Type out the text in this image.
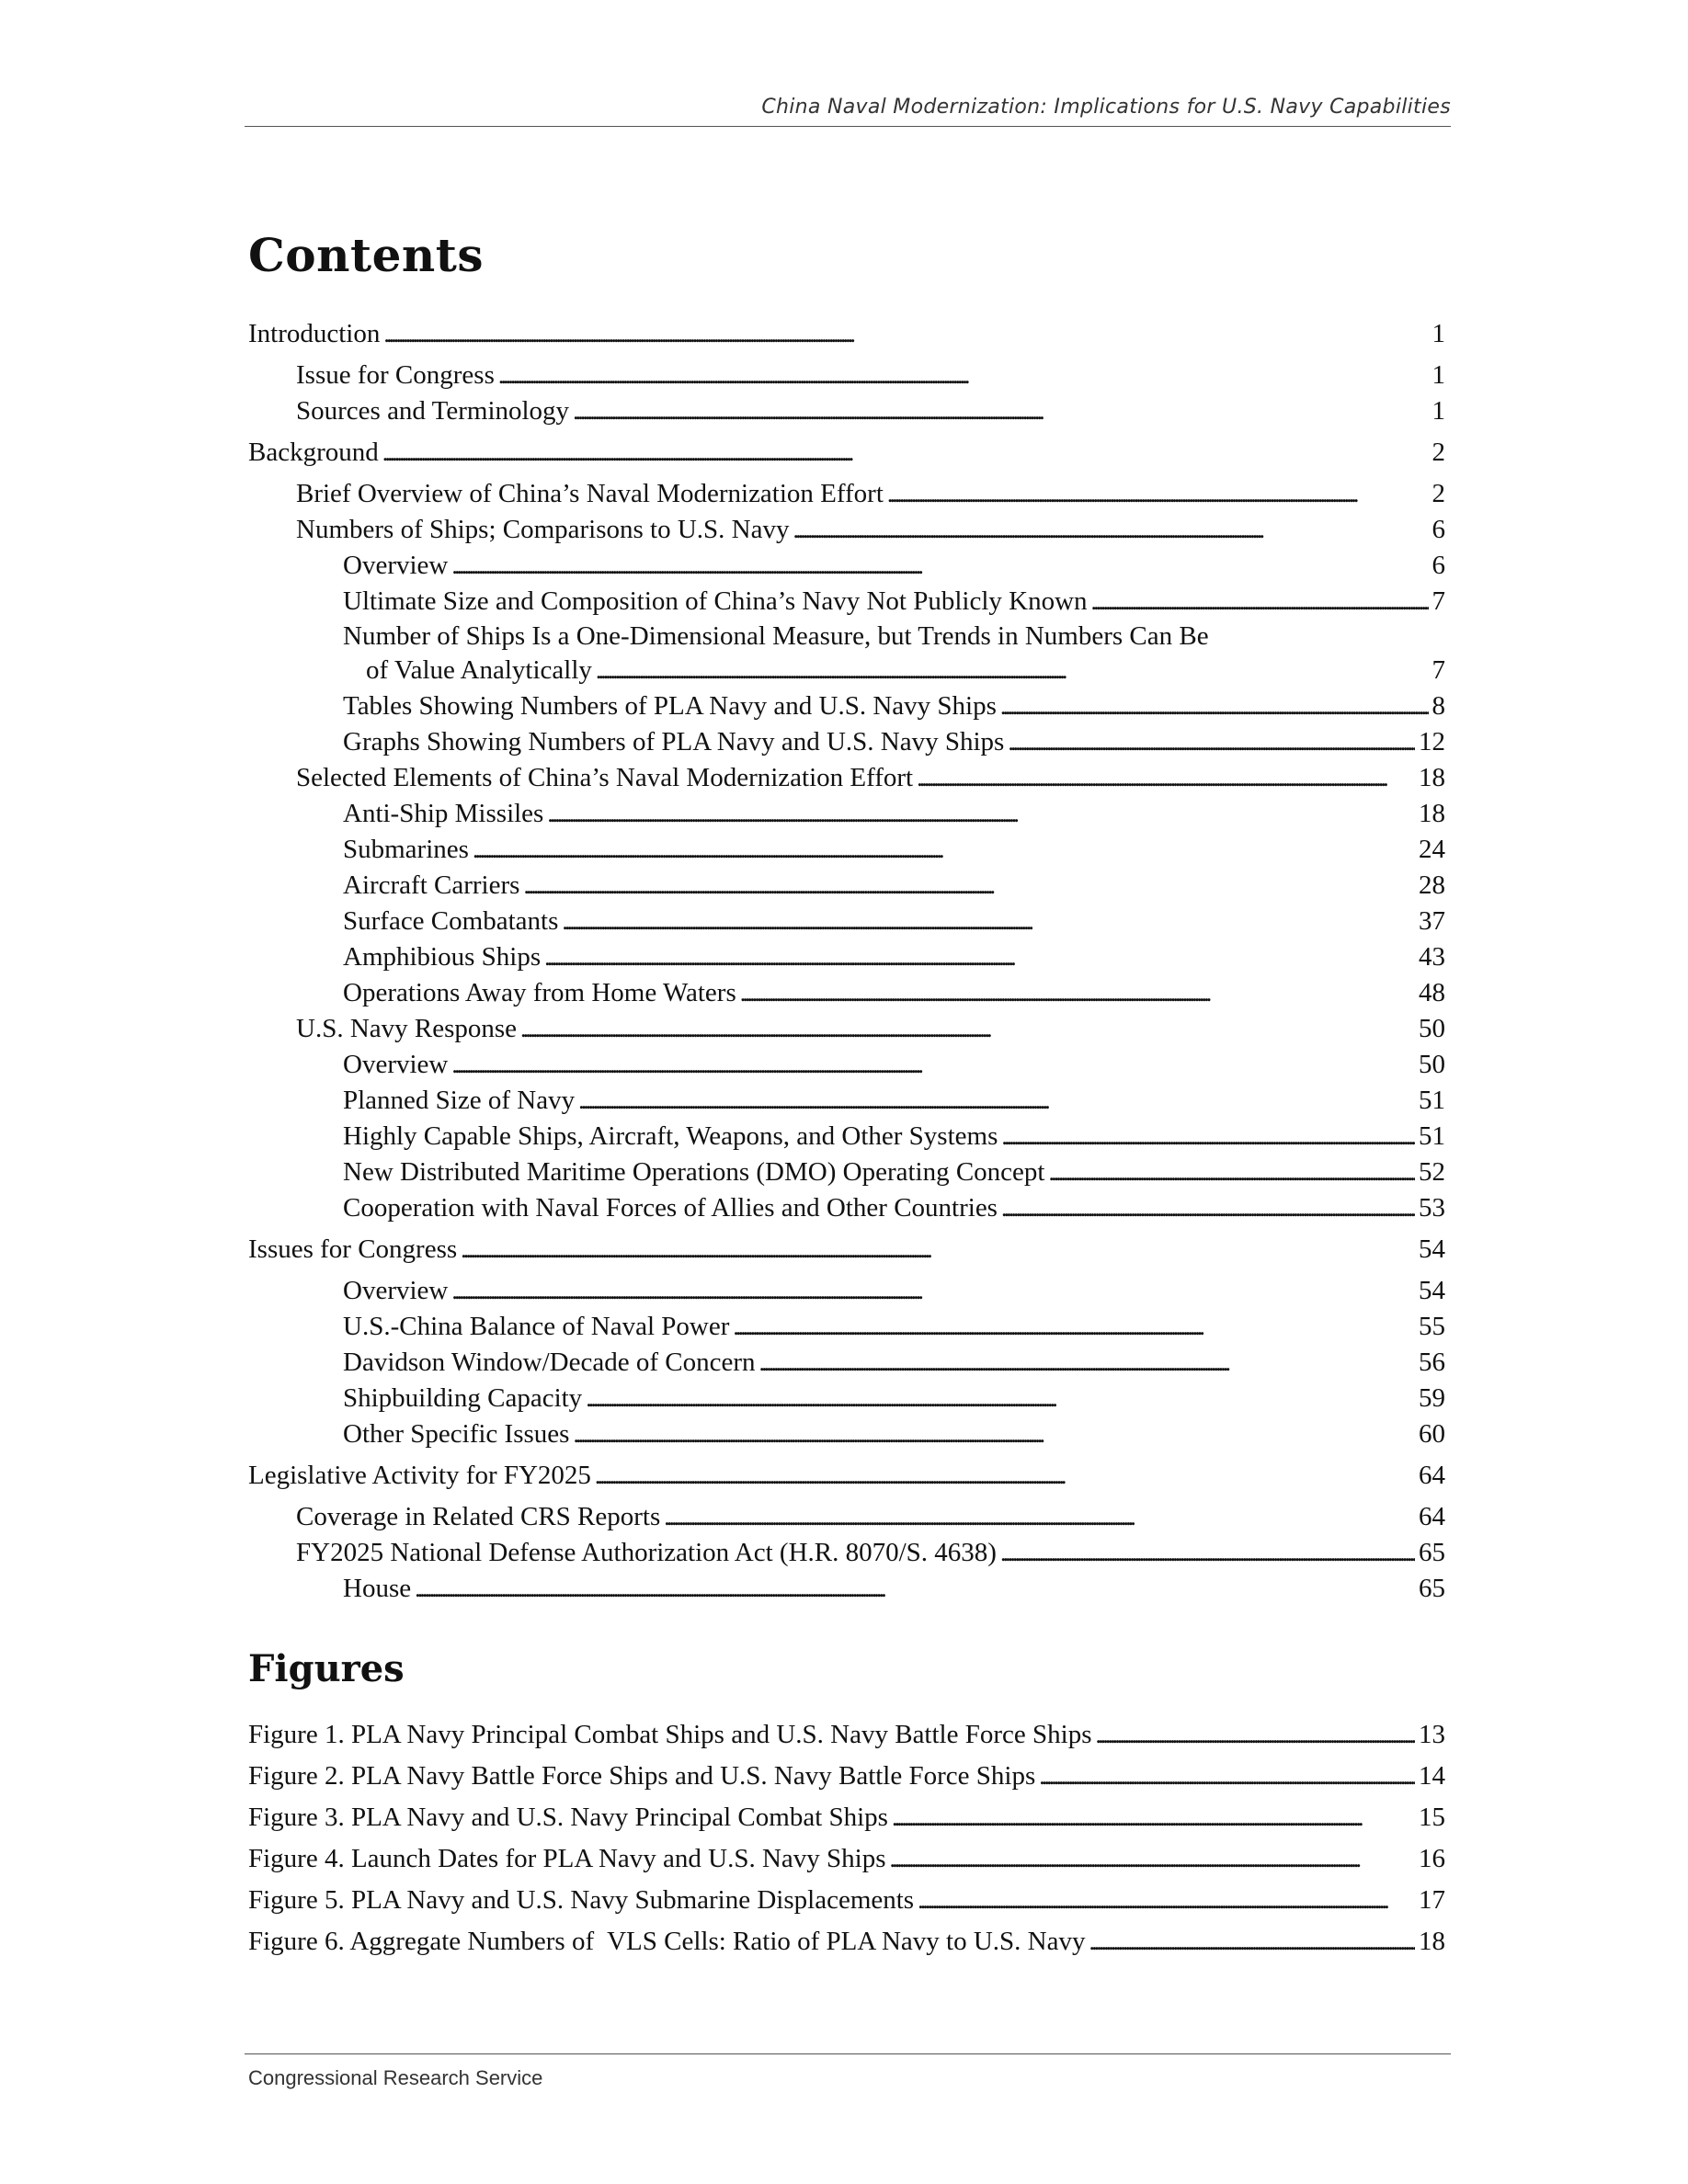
China Naval Modernization: Implications for U.S. Navy Capabilities
Contents
Introduction . . .	1
Issue for Congress . . .	1
Sources and Terminology . . .	1
Background . . .	2
Brief Overview of China’s Naval Modernization Effort . . .	2
Numbers of Ships; Comparisons to U.S. Navy . . .	6
Overview . . .	6
Ultimate Size and Composition of China’s Navy Not Publicly Known . . .	7
Number of Ships Is a One-Dimensional Measure, but Trends in Numbers Can Be
of Value Analytically . . .	7
Tables Showing Numbers of PLA Navy and U.S. Navy Ships . . .	8
Graphs Showing Numbers of PLA Navy and U.S. Navy Ships . . .	12
Selected Elements of China’s Naval Modernization Effort . . .	18
Anti-Ship Missiles . . .	18
Submarines . . .	24
Aircraft Carriers . . .	28
Surface Combatants . . .	37
Amphibious Ships . . .	43
Operations Away from Home Waters . . .	48
U.S. Navy Response . . .	50
Overview . . .	50
Planned Size of Navy . . .	51
Highly Capable Ships, Aircraft, Weapons, and Other Systems . . .	51
New Distributed Maritime Operations (DMO) Operating Concept . . .	52
Cooperation with Naval Forces of Allies and Other Countries . . .	53
Issues for Congress . . .	54
Overview . . .	54
U.S.-China Balance of Naval Power . . .	55
Davidson Window/Decade of Concern . . .	56
Shipbuilding Capacity . . .	59
Other Specific Issues . . .	60
Legislative Activity for FY2025 . . .	64
Coverage in Related CRS Reports . . .	64
FY2025 National Defense Authorization Act (H.R. 8070/S. 4638) . . .	65
House . . .	65
Figures
Figure 1. PLA Navy Principal Combat Ships and U.S. Navy Battle Force Ships . . .	13
Figure 2. PLA Navy Battle Force Ships and U.S. Navy Battle Force Ships . . .	14
Figure 3. PLA Navy and U.S. Navy Principal Combat Ships . . .	15
Figure 4. Launch Dates for PLA Navy and U.S. Navy Ships . . .	16
Figure 5. PLA Navy and U.S. Navy Submarine Displacements . . .	17
Figure 6. Aggregate Numbers of  VLS Cells: Ratio of PLA Navy to U.S. Navy . . .	18
Congressional Research Service
